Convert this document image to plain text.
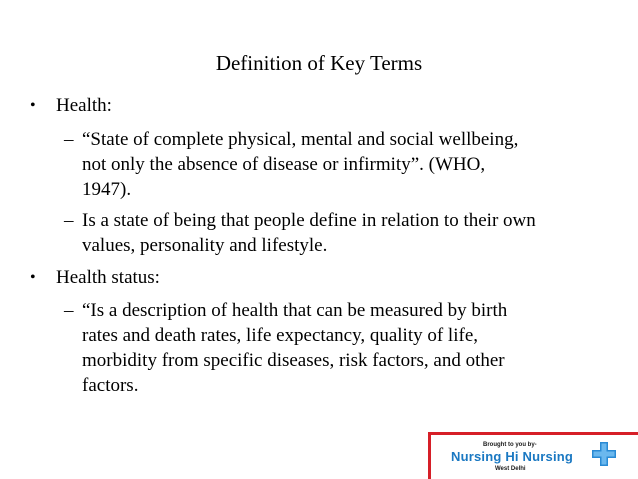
Definition of Key Terms
• Health:
– “State of complete physical, mental and social wellbeing,
not only the absence of disease or infirmity”. (WHO,
1947).
– Is a state of being that people define in relation to their own
values, personality and lifestyle.
• Health status:
– “Is a description of health that can be measured by birth
rates and death rates, life expectancy, quality of life,
morbidity from specific diseases, risk factors, and other
factors.
Brought to you by-
Nursing Hi Nursing
West Delhi
